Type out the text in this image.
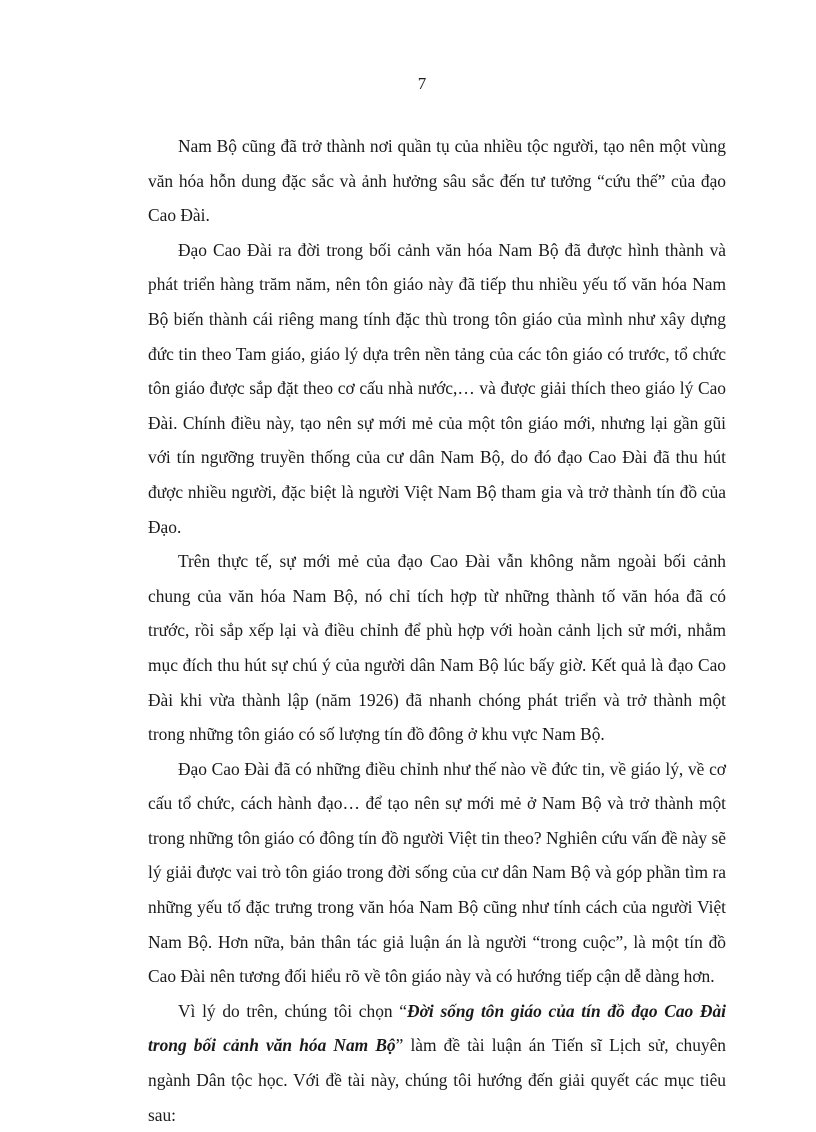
7

Nam Bộ cũng đã trở thành nơi quần tụ của nhiều tộc người, tạo nên một vùng văn hóa hỗn dung đặc sắc và ảnh hưởng sâu sắc đến tư tưởng “cứu thế” của đạo Cao Đài.

Đạo Cao Đài ra đời trong bối cảnh văn hóa Nam Bộ đã được hình thành và phát triển hàng trăm năm, nên tôn giáo này đã tiếp thu nhiều yếu tố văn hóa Nam Bộ biến thành cái riêng mang tính đặc thù trong tôn giáo của mình như xây dựng đức tin theo Tam giáo, giáo lý dựa trên nền tảng của các tôn giáo có trước, tổ chức tôn giáo được sắp đặt theo cơ cấu nhà nước,… và được giải thích theo giáo lý Cao Đài. Chính điều này, tạo nên sự mới mẻ của một tôn giáo mới, nhưng lại gần gũi với tín ngưỡng truyền thống của cư dân Nam Bộ, do đó đạo Cao Đài đã thu hút được nhiều người, đặc biệt là người Việt Nam Bộ tham gia và trở thành tín đồ của Đạo.

Trên thực tế, sự mới mẻ của đạo Cao Đài vẫn không nằm ngoài bối cảnh chung của văn hóa Nam Bộ, nó chỉ tích hợp từ những thành tố văn hóa đã có trước, rồi sắp xếp lại và điều chỉnh để phù hợp với hoàn cảnh lịch sử mới, nhằm mục đích thu hút sự chú ý của người dân Nam Bộ lúc bấy giờ. Kết quả là đạo Cao Đài khi vừa thành lập (năm 1926) đã nhanh chóng phát triển và trở thành một trong những tôn giáo có số lượng tín đồ đông ở khu vực Nam Bộ.

Đạo Cao Đài đã có những điều chỉnh như thế nào về đức tin, về giáo lý, về cơ cấu tổ chức, cách hành đạo… để tạo nên sự mới mẻ ở Nam Bộ và trở thành một trong những tôn giáo có đông tín đồ người Việt tin theo? Nghiên cứu vấn đề này sẽ lý giải được vai trò tôn giáo trong đời sống của cư dân Nam Bộ và góp phần tìm ra những yếu tố đặc trưng trong văn hóa Nam Bộ cũng như tính cách của người Việt Nam Bộ. Hơn nữa, bản thân tác giả luận án là người “trong cuộc”, là một tín đồ Cao Đài nên tương đối hiểu rõ về tôn giáo này và có hướng tiếp cận dễ dàng hơn.

Vì lý do trên, chúng tôi chọn “Đời sống tôn giáo của tín đồ đạo Cao Đài trong bối cảnh văn hóa Nam Bộ” làm đề tài luận án Tiến sĩ Lịch sử, chuyên ngành Dân tộc học. Với đề tài này, chúng tôi hướng đến giải quyết các mục tiêu sau:
